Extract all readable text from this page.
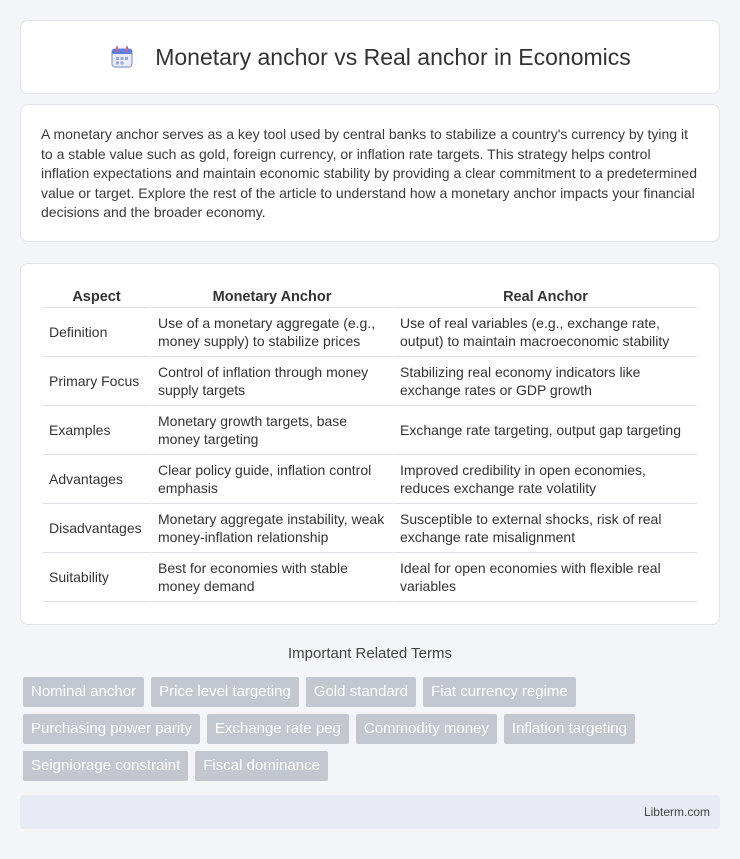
Monetary anchor vs Real anchor in Economics

A monetary anchor serves as a key tool used by central banks to stabilize a country's currency by tying it to a stable value such as gold, foreign currency, or inflation rate targets. This strategy helps control inflation expectations and maintain economic stability by providing a clear commitment to a predetermined value or target. Explore the rest of the article to understand how a monetary anchor impacts your financial decisions and the broader economy.

Aspect	Monetary Anchor	Real Anchor
Definition	Use of a monetary aggregate (e.g., money supply) to stabilize prices	Use of real variables (e.g., exchange rate, output) to maintain macroeconomic stability
Primary Focus	Control of inflation through money supply targets	Stabilizing real economy indicators like exchange rates or GDP growth
Examples	Monetary growth targets, base money targeting	Exchange rate targeting, output gap targeting
Advantages	Clear policy guide, inflation control emphasis	Improved credibility in open economies, reduces exchange rate volatility
Disadvantages	Monetary aggregate instability, weak money-inflation relationship	Susceptible to external shocks, risk of real exchange rate misalignment
Suitability	Best for economies with stable money demand	Ideal for open economies with flexible real variables
Important Related Terms
Nominal anchor	Price level targeting	Gold standard	Fiat currency regime
Purchasing power parity	Exchange rate peg	Commodity money	Inflation targeting
Seigniorage constraint	Fiscal dominance
Libterm.com
